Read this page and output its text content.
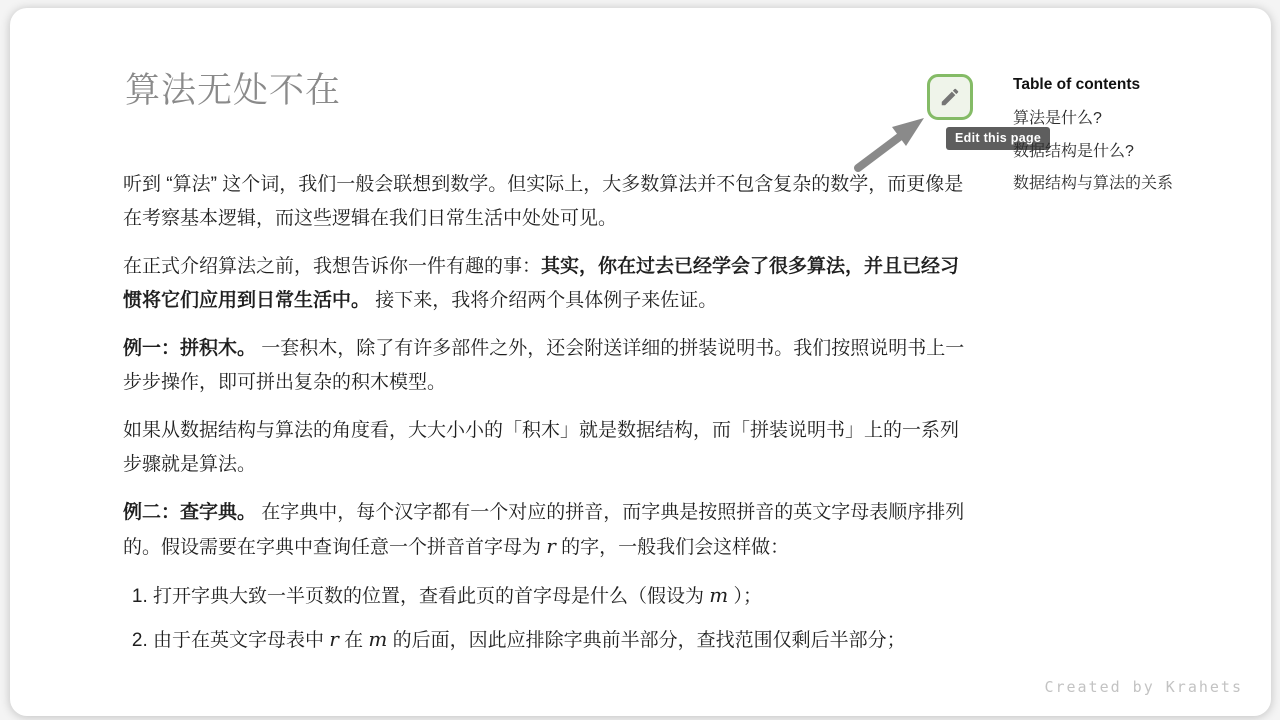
算法无处不在
Edit this page
Table of contents
算法是什么?
数据结构是什么?
数据结构与算法的关系

听到 “算法” 这个词，我们一般会联想到数学。但实际上，大多数算法并不包含复杂的数学，而更像是在考察基本逻辑，而这些逻辑在我们日常生活中处处可见。

在正式介绍算法之前，我想告诉你一件有趣的事：其实，你在过去已经学会了很多算法，并且已经习惯将它们应用到日常生活中。 接下来，我将介绍两个具体例子来佐证。

例一：拼积木。 一套积木，除了有许多部件之外，还会附送详细的拼装说明书。我们按照说明书上一步步操作，即可拼出复杂的积木模型。

如果从数据结构与算法的角度看，大大小小的「积木」就是数据结构，而「拼装说明书」上的一系列步骤就是算法。

例二：查字典。 在字典中，每个汉字都有一个对应的拼音，而字典是按照拼音的英文字母表顺序排列的。假设需要在字典中查询任意一个拼音首字母为 r 的字，一般我们会这样做：

1. 打开字典大致一半页数的位置，查看此页的首字母是什么（假设为 m ）；
2. 由于在英文字母表中 r 在 m 的后面，因此应排除字典前半部分，查找范围仅剩后半部分；
Created by Krahets
